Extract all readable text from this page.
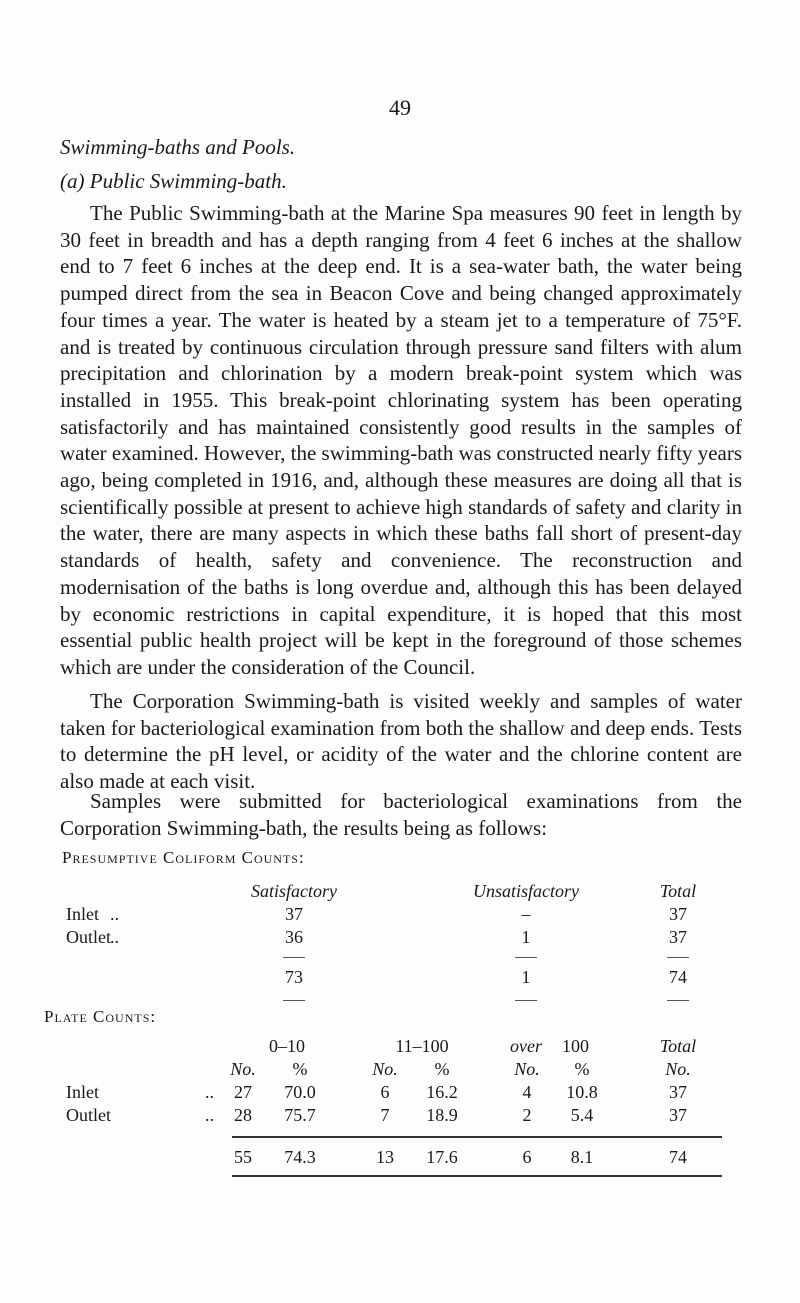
49
Swimming-baths and Pools.
(a) Public Swimming-bath.

The Public Swimming-bath at the Marine Spa measures 90 feet in length by 30 feet in breadth and has a depth ranging from 4 feet 6 inches at the shallow end to 7 feet 6 inches at the deep end. It is a sea-water bath, the water being pumped direct from the sea in Beacon Cove and being changed approximately four times a year. The water is heated by a steam jet to a temperature of 75°F. and is treated by continuous circulation through pressure sand filters with alum precipitation and chlorination by a modern break-point system which was installed in 1955. This break-point chlorinating system has been operating satisfactorily and has maintained consistently good results in the samples of water examined. However, the swimming-bath was constructed nearly fifty years ago, being completed in 1916, and, although these measures are doing all that is scientifically possible at present to achieve high standards of safety and clarity in the water, there are many aspects in which these baths fall short of present-day standards of health, safety and convenience. The reconstruction and modernisation of the baths is long overdue and, although this has been delayed by economic restrictions in capital expenditure, it is hoped that this most essential public health project will be kept in the foreground of those schemes which are under the consideration of the Council.

The Corporation Swimming-bath is visited weekly and samples of water taken for bacteriological examination from both the shallow and deep ends. Tests to determine the pH level, or acidity of the water and the chlorine content are also made at each visit.

Samples were submitted for bacteriological examinations from the Corporation Swimming-bath, the results being as follows:

Presumptive Coliform Counts:
Satisfactory	Unsatisfactory	Total
Inlet ..	37	–	37
Outlet ..	36	1	37
73	1	74
Plate Counts:
0–10	11–100	over 100	Total
No. %	No. %	No. %	No.
Inlet	.. 27 70.0	6 16.2	4 10.8	37
Outlet	.. 28 75.7	7 18.9	2 5.4	37
55 74.3	13 17.6	6 8.1	74
